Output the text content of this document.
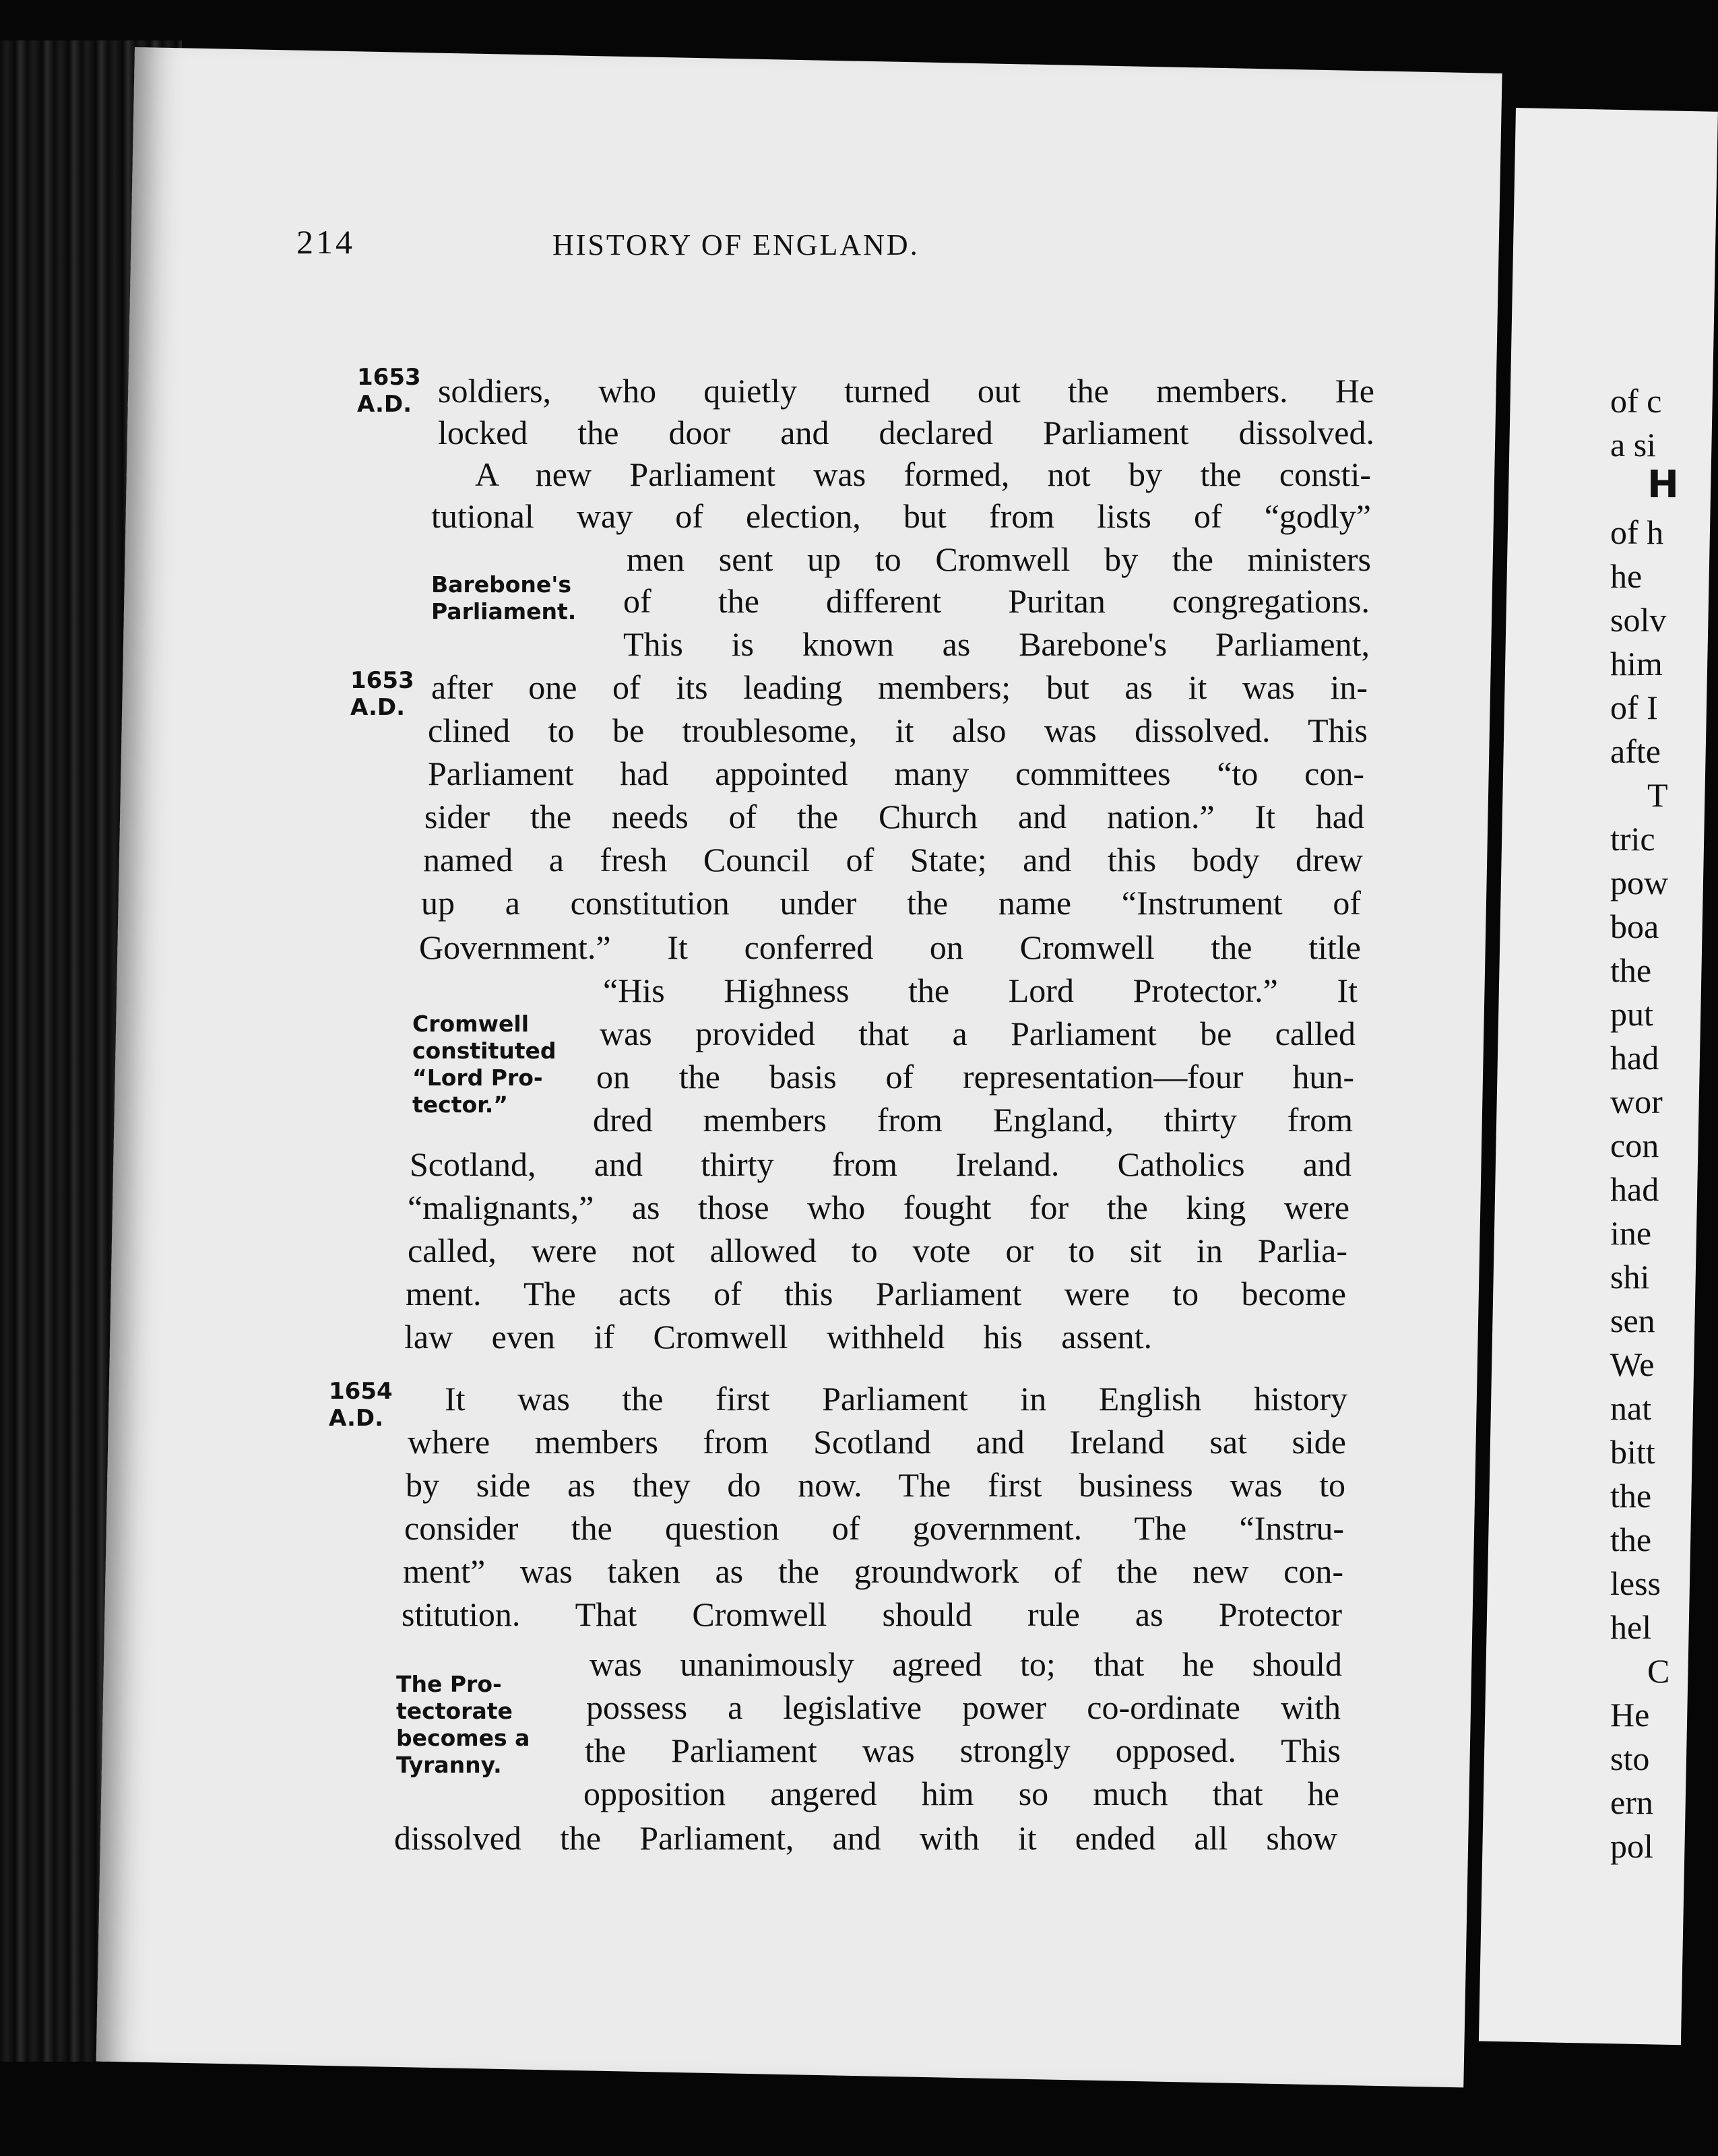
214	HISTORY OF ENGLAND.
1653
A.D.
1653
A.D.
1654
A.D.
Barebone's
Parliament.
Cromwell
constituted
“Lord Pro-
tector.”
The Pro-
tectorate
becomes a
Tyranny.
soldiers, who quietly turned out the members. He
locked the door and declared Parliament dissolved.
A new Parliament was formed, not by the consti-
tutional way of election, but from lists of “godly”
men sent up to Cromwell by the ministers
of the different Puritan congregations.
This is known as Barebone's Parliament,
after one of its leading members; but as it was in-
clined to be troublesome, it also was dissolved. This
Parliament had appointed many committees “to con-
sider the needs of the Church and nation.” It had
named a fresh Council of State; and this body drew
up a constitution under the name “Instrument of
Government.” It conferred on Cromwell the title
“His Highness the Lord Protector.” It
was provided that a Parliament be called
on the basis of representation—four hun-
dred members from England, thirty from
Scotland, and thirty from Ireland. Catholics and
“malignants,” as those who fought for the king were
called, were not allowed to vote or to sit in Parlia-
ment. The acts of this Parliament were to become
law even if Cromwell withheld his assent.
It was the first Parliament in English history
where members from Scotland and Ireland sat side
by side as they do now. The first business was to
consider the question of government. The “Instru-
ment” was taken as the groundwork of the new con-
stitution. That Cromwell should rule as Protector
was unanimously agreed to; that he should
possess a legislative power co-ordinate with
the Parliament was strongly opposed. This
opposition angered him so much that he
dissolved the Parliament, and with it ended all show
of c
a si
H
of h
he
solv
him
of I
afte
T
tric
pow
boa
the
put
had
wor
con
had
ine
shi
sen
We
nat
bitt
the
the
less
hel
C
He
sto
ern
pol
